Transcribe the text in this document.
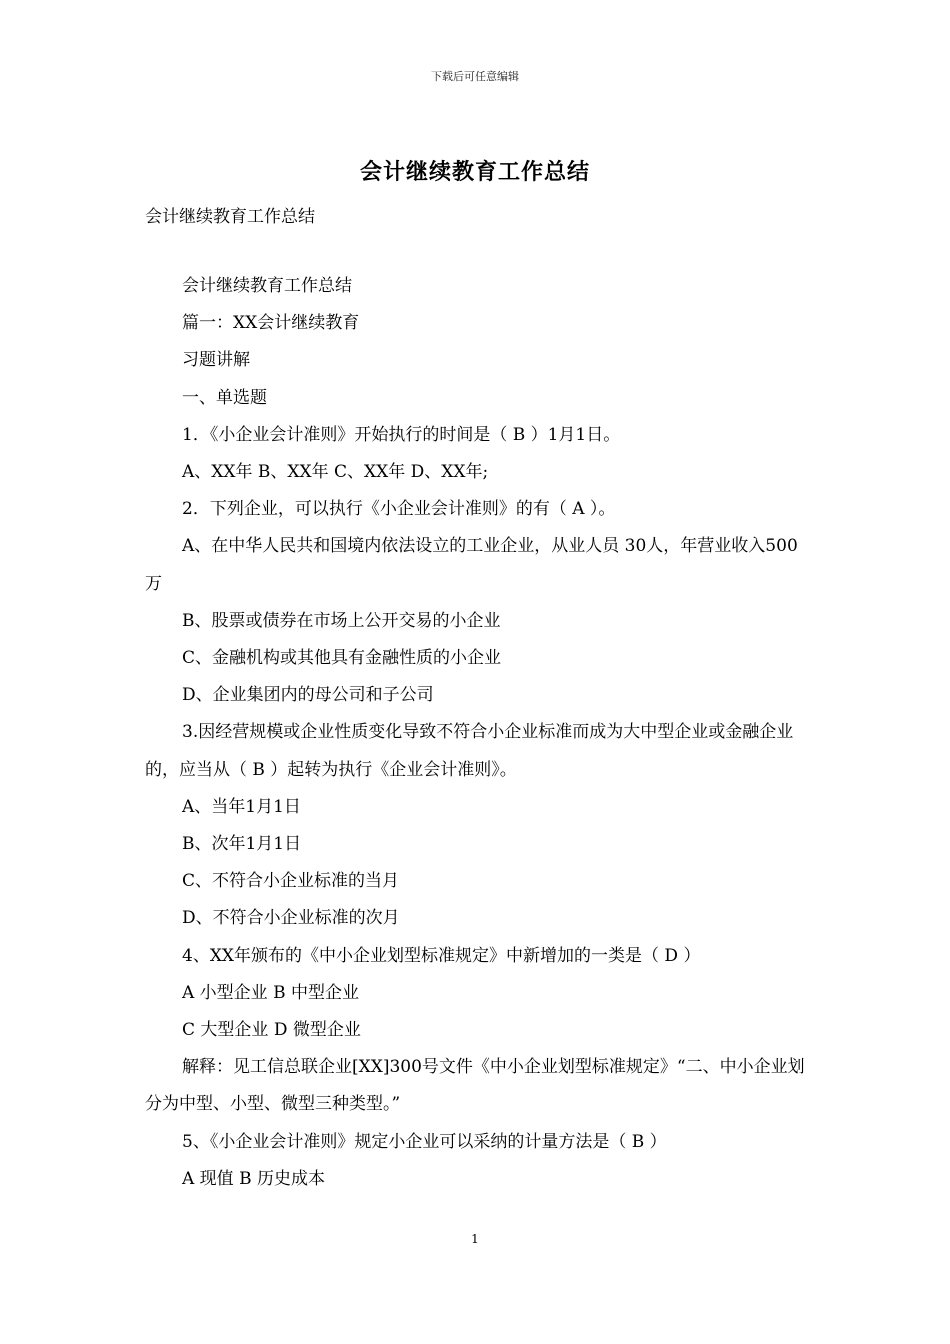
下载后可任意编辑
会计继续教育工作总结
会计继续教育工作总结

会计继续教育工作总结

篇一：XX会计继续教育

习题讲解

一、单选题

1．《小企业会计准则》开始执行的时间是（ B ）1月1日。

A、XX年 B、XX年 C、XX年 D、XX年;

2．下列企业，可以执行《小企业会计准则》的有（ A ）。

A、在中华人民共和国境内依法设立的工业企业，从业人员 30人，年营业收入500万

B、股票或债券在市场上公开交易的小企业

C、金融机构或其他具有金融性质的小企业

D、企业集团内的母公司和子公司

3.因经营规模或企业性质变化导致不符合小企业标准而成为大中型企业或金融企业的，应当从（ B ）起转为执行《企业会计准则》。

A、当年1月1日

B、次年1月1日

C、不符合小企业标准的当月

D、不符合小企业标准的次月

4、XX年颁布的《中小企业划型标准规定》中新增加的一类是（ D ）

A 小型企业 B 中型企业

C 大型企业 D 微型企业

解释：见工信总联企业[XX]300号文件《中小企业划型标准规定》“二、中小企业划分为中型、小型、微型三种类型。”

5、《小企业会计准则》规定小企业可以采纳的计量方法是（ B ）

A 现值 B 历史成本

1
